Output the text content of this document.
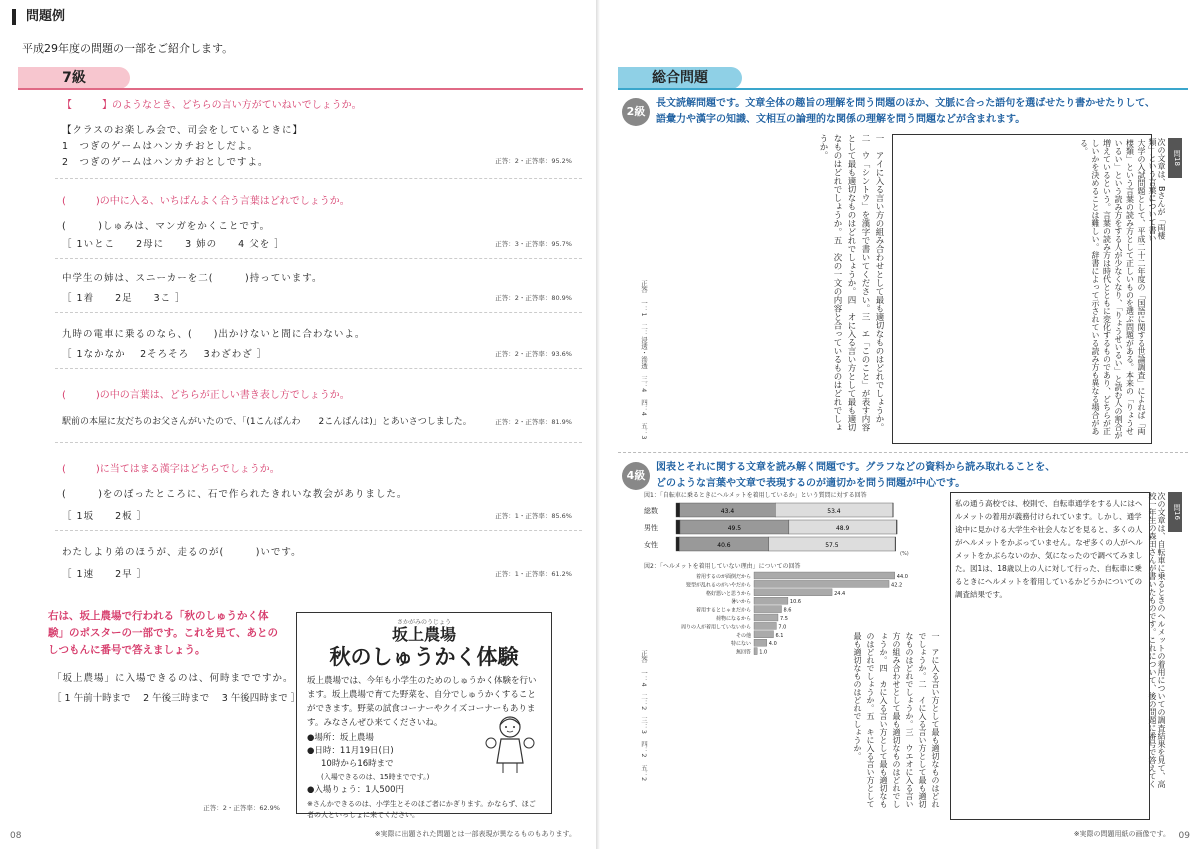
問題例
平成29年度の問題の一部をご紹介します。
7級
【　　　】のようなとき、どちらの言い方がていねいでしょうか。
【クラスのお楽しみ会で、司会をしているときに】
1　つぎのゲームはハンカチおとしだよ。
2　つぎのゲームはハンカチおとしですよ。	正答：2・正答率：95.2%
(　　　)の中に入る、いちばんよく合う言葉はどれでしょうか。
(　　　)しゅみは、マンガをかくことです。
［ 1いとこ　　2母に　　3 姉の　　4 父を ］	正答：3・正答率：95.7%
中学生の姉は、スニーカーを二(　　　)持っています。
［ 1着　　2足　　3こ ］	正答：2・正答率：80.9%
九時の電車に乗るのなら、(　　)出かけないと間に合わないよ。
［ 1なかなか　 2そろそろ　 3わざわざ ］	正答：2・正答率：93.6%
(　　　)の中の言葉は、どちらが正しい書き表し方でしょうか。
駅前の本屋に友だちのお父さんがいたので、「(1こんばんわ　　2こんばんは)」とあいさつしました。	正答：2・正答率：81.9%
(　　　)に当てはまる漢字はどちらでしょうか。
(　　　)をのぼったところに、石で作られたきれいな教会がありました。
［ 1坂　　2板 ］	正答：1・正答率：85.6%
わたしより弟のほうが、走るのが(　　　)いです。
［ 1速　　2早 ］	正答：1・正答率：61.2%
右は、坂上農場で行われる「秋のしゅうかく体験」のポスターの一部です。これを見て、あとのしつもんに番号で答えましょう。
「坂上農場」に入場できるのは、何時までですか。
［ 1 午前十時まで　 2 午後三時まで　 3 午後四時まで ］
さかがみのうじょう
坂上農場
秋のしゅうかく体験
坂上農場では、今年も小学生のためのしゅうかく体験を行います。坂上農場で育てた野菜を、自分でしゅうかくすることができます。野菜の試食コーナーやクイズコーナーもあります。みなさんぜひ来てくださいね。
●場所：坂上農場
●日時：11月19日(日)
10時から16時まで
(入場できるのは、15時までです。)
●入場りょう：1人500円
※さんかできるのは、小学生とそのほご者にかぎります。かならず、ほご者の人といっしょに来てください。
正答：2・正答率：62.9%
08	※実際に出題された問題とは一部表現が異なるものもあります。
総合問題
2級
長文読解問題です。文章全体の趣旨の理解を問う問題のほか、文脈に合った語句を選ばせたり書かせたりして、
語彙力や漢字の知識、文相互の論理的な関係の理解を問う問題などが含まれます。
問18
次の文章は、Bさんが「両棲類」という言葉について書い
大学の入試問題として、平成二十二年度の「国語に関する世論調査」によれば「両棲類」という言葉の読み方として正しいものを選ぶ問題がある。本来の「りょうせいるい」という読み方をする人が少なくなり、「りょうせいるい」と読む人の割合が増えているという。言葉の読み方は時代とともに変化するものであり、どちらが正しいかを決めることは難しい。辞書によって示されている読み方も異なる場合がある。
一　アイに入る言い方の組み合わせとして最も適切なものはどれでしょうか。二　ウ「シントウ」を漢字で書いてください。三　エ「このこと」が表す内容として最も適切なものはどれでしょうか。四　オに入る言い方として最も適切なものはどれでしょうか。五　次の一文の内容と合っているものはどれでしょうか。
正答　一：1　二：浸透・滲透　三：4　四：4　五：3
4級
図表とそれに関する文章を読み解く問題です。グラフなどの資料から読み取れることを、
どのような言葉や文章で表現するのが適切かを問う問題が中心です。
図1：「自転車に乗るときにヘルメットを着用しているか」という質問に対する回答
総数	43.4	53.4
男性	49.5	48.9
女性	40.6	57.5
(%)
図2：「ヘルメットを着用していない理由」についての回答
着用するのが面倒だから	44.0
髪型が乱れるのがいやだから	42.2
格好悪いと思うから	24.4
暑いから	10.6
着用するとじゃまだから	8.6
荷物になるから	7.5
周りの人が着用していないから	7.0
その他	6.1
特にない	4.0
無回答 1.0
問16
次の文章は、自転車に乗るときのヘルメットの着用についての調査結果を見て、高校一年生の森田さんが書いたものです。これについて、後の問題に番号で答えてく
私の通う高校では、校則で、自転車通学をする人にはヘルメットの着用が義務付けられています。しかし、通学途中に見かける大学生や社会人などを見ると、多くの人がヘルメットをかぶっていません。なぜ多くの人がヘルメットをかぶらないのか、気になったので調べてみました。図1は、18歳以上の人に対して行った、自転車に乗るときにヘルメットを着用しているかどうかについての調査結果です。
一　アに入る言い方として最も適切なものはどれでしょうか。二　イに入る言い方として最も適切なものはどれでしょうか。三　ウエオに入る言い方の組み合わせとして最も適切なものはどれでしょうか。四　カに入る言い方として最も適切なものはどれでしょうか。五　キに入る言い方として最も適切なものはどれでしょうか。
正答　一：4　二：2　三：3　四：2　五：2
※実際の問題用紙の画像です。 09
